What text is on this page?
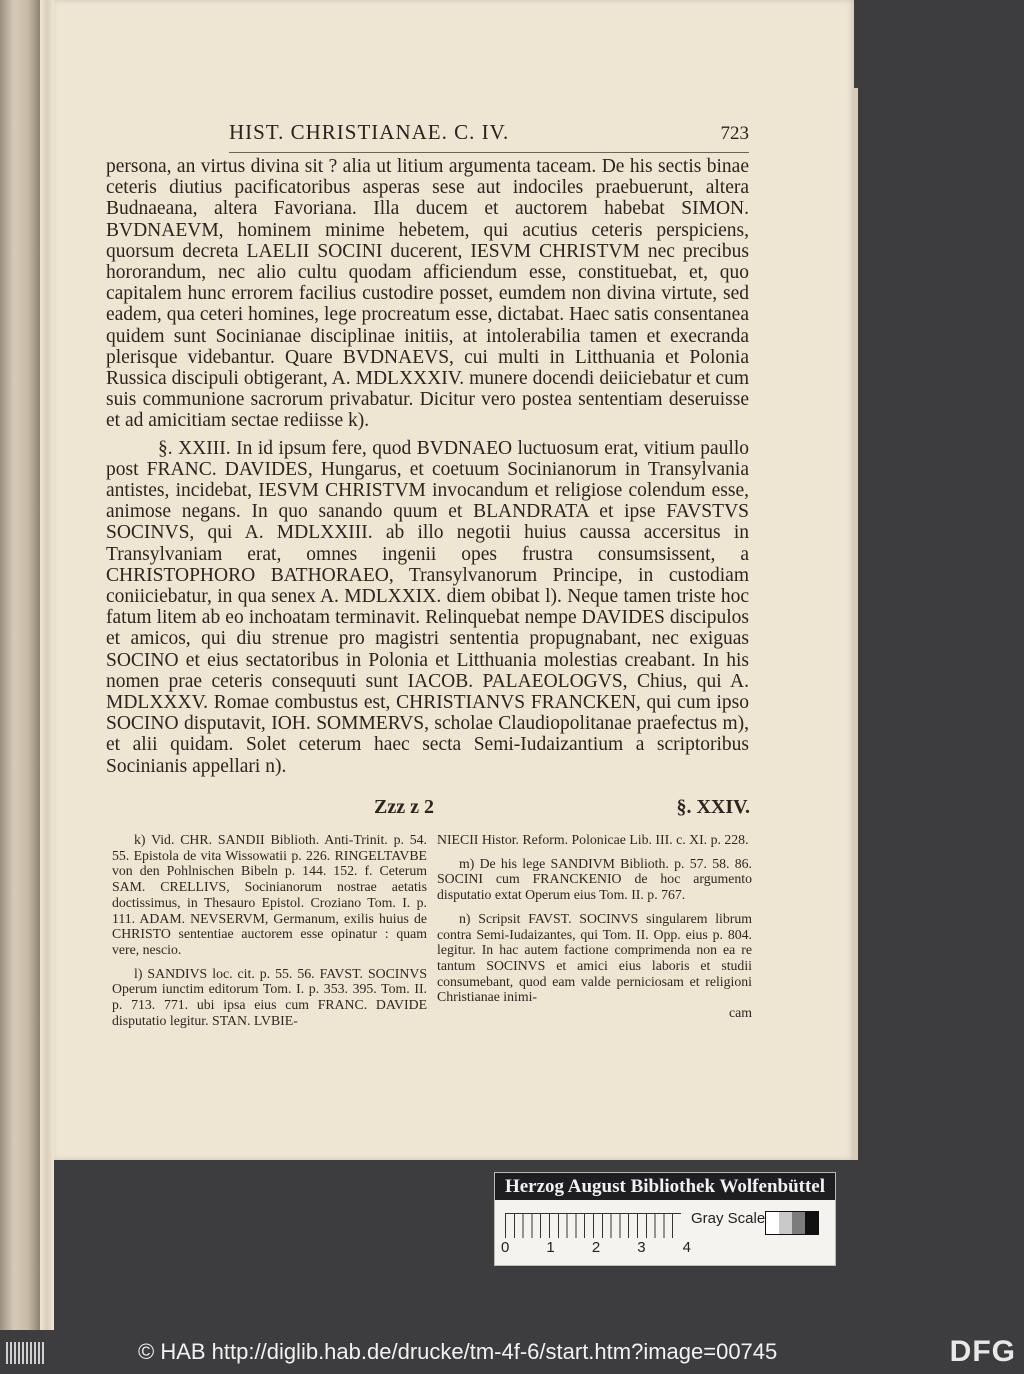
HIST. CHRISTIANAE. C. IV.	723

persona, an virtus divina sit ? alia ut litium argumenta taceam. De his sectis binae ceteris diutius pacificatoribus asperas sese aut indociles praebuerunt, altera Budnaeana, altera Favoriana. Illa ducem et auctorem habebat SIMON. BVDNAEVM, hominem minime hebetem, qui acutius ceteris perspiciens, quorsum decreta LAELII SOCINI ducerent, IESVM CHRISTVM nec precibus hororandum, nec alio cultu quodam afficiendum esse, constituebat, et, quo capitalem hunc errorem facilius custodire posset, eumdem non divina virtute, sed eadem, qua ceteri homines, lege procreatum esse, dictabat. Haec satis consentanea quidem sunt Socinianae disciplinae initiis, at intolerabilia tamen et execranda plerisque videbantur. Quare BVDNAEVS, cui multi in Litthuania et Polonia Russica discipuli obtigerant, A. MDLXXXIV. munere docendi deiiciebatur et cum suis communione sacrorum privabatur. Dicitur vero postea sententiam deseruisse et ad amicitiam sectae rediisse k).

§. XXIII. In id ipsum fere, quod BVDNAEO luctuosum erat, vitium paullo post FRANC. DAVIDES, Hungarus, et coetuum Socinianorum in Transylvania antistes, incidebat, IESVM CHRISTVM invocandum et religiose colendum esse, animose negans. In quo sanando quum et BLANDRATA et ipse FAVSTVS SOCINVS, qui A. MDLXXIII. ab illo negotii huius caussa accersitus in Transylvaniam erat, omnes ingenii opes frustra consumsissent, a CHRISTOPHORO BATHORAEO, Transylvanorum Principe, in custodiam coniiciebatur, in qua senex A. MDLXXIX. diem obibat l). Neque tamen triste hoc fatum litem ab eo inchoatam terminavit. Relinquebat nempe DAVIDES discipulos et amicos, qui diu strenue pro magistri sententia propugnabant, nec exiguas SOCINO et eius sectatoribus in Polonia et Litthuania molestias creabant. In his nomen prae ceteris consequuti sunt IACOB. PALAEOLOGVS, Chius, qui A. MDLXXXV. Romae combustus est, CHRISTIANVS FRANCKEN, qui cum ipso SOCINO disputavit, IOH. SOMMERVS, scholae Claudiopolitanae praefectus m), et alii quidam. Solet ceterum haec secta Semi-Iudaizantium a scriptoribus Socinianis appellari n).

Zzz z 2	§. XXIV.

k) Vid. CHR. SANDII Biblioth. Anti-Trinit. p. 54. 55. Epistola de vita Wissowatii p. 226. RINGELTAVBE von den Pohlnischen Bibeln p. 144. 152. f. Ceterum SAM. CRELLIVS, Socinianorum nostrae aetatis doctissimus, in Thesauro Epistol. Croziano Tom. I. p. 111. ADAM. NEVSERVM, Germanum, exilis huius de CHRISTO sententiae auctorem esse opinatur : quam vere, nescio.

l) SANDIVS loc. cit. p. 55. 56. FAVST. SOCINVS Operum iunctim editorum Tom. I. p. 353. 395. Tom. II. p. 713. 771. ubi ipsa eius cum FRANC. DAVIDE disputatio legitur. STAN. LVBIE-

NIECII Histor. Reform. Polonicae Lib. III. c. XI. p. 228.

m) De his lege SANDIVM Biblioth. p. 57. 58. 86. SOCINI cum FRANCKENIO de hoc argumento disputatio extat Operum eius Tom. II. p. 767.

n) Scripsit FAVST. SOCINVS singularem librum contra Semi-Iudaizantes, qui Tom. II. Opp. eius p. 804. legitur. In hac autem factione comprimenda non ea re tantum SOCINVS et amici eius laboris et studii consumebant, quod eam valde perniciosam et religioni Christianae inimi-

cam

Herzog August Bibliothek Wolfenbüttel
0 1 2 3 4
Gray Scale
© HAB http://diglib.hab.de/drucke/tm-4f-6/start.htm?image=00745	DFG
